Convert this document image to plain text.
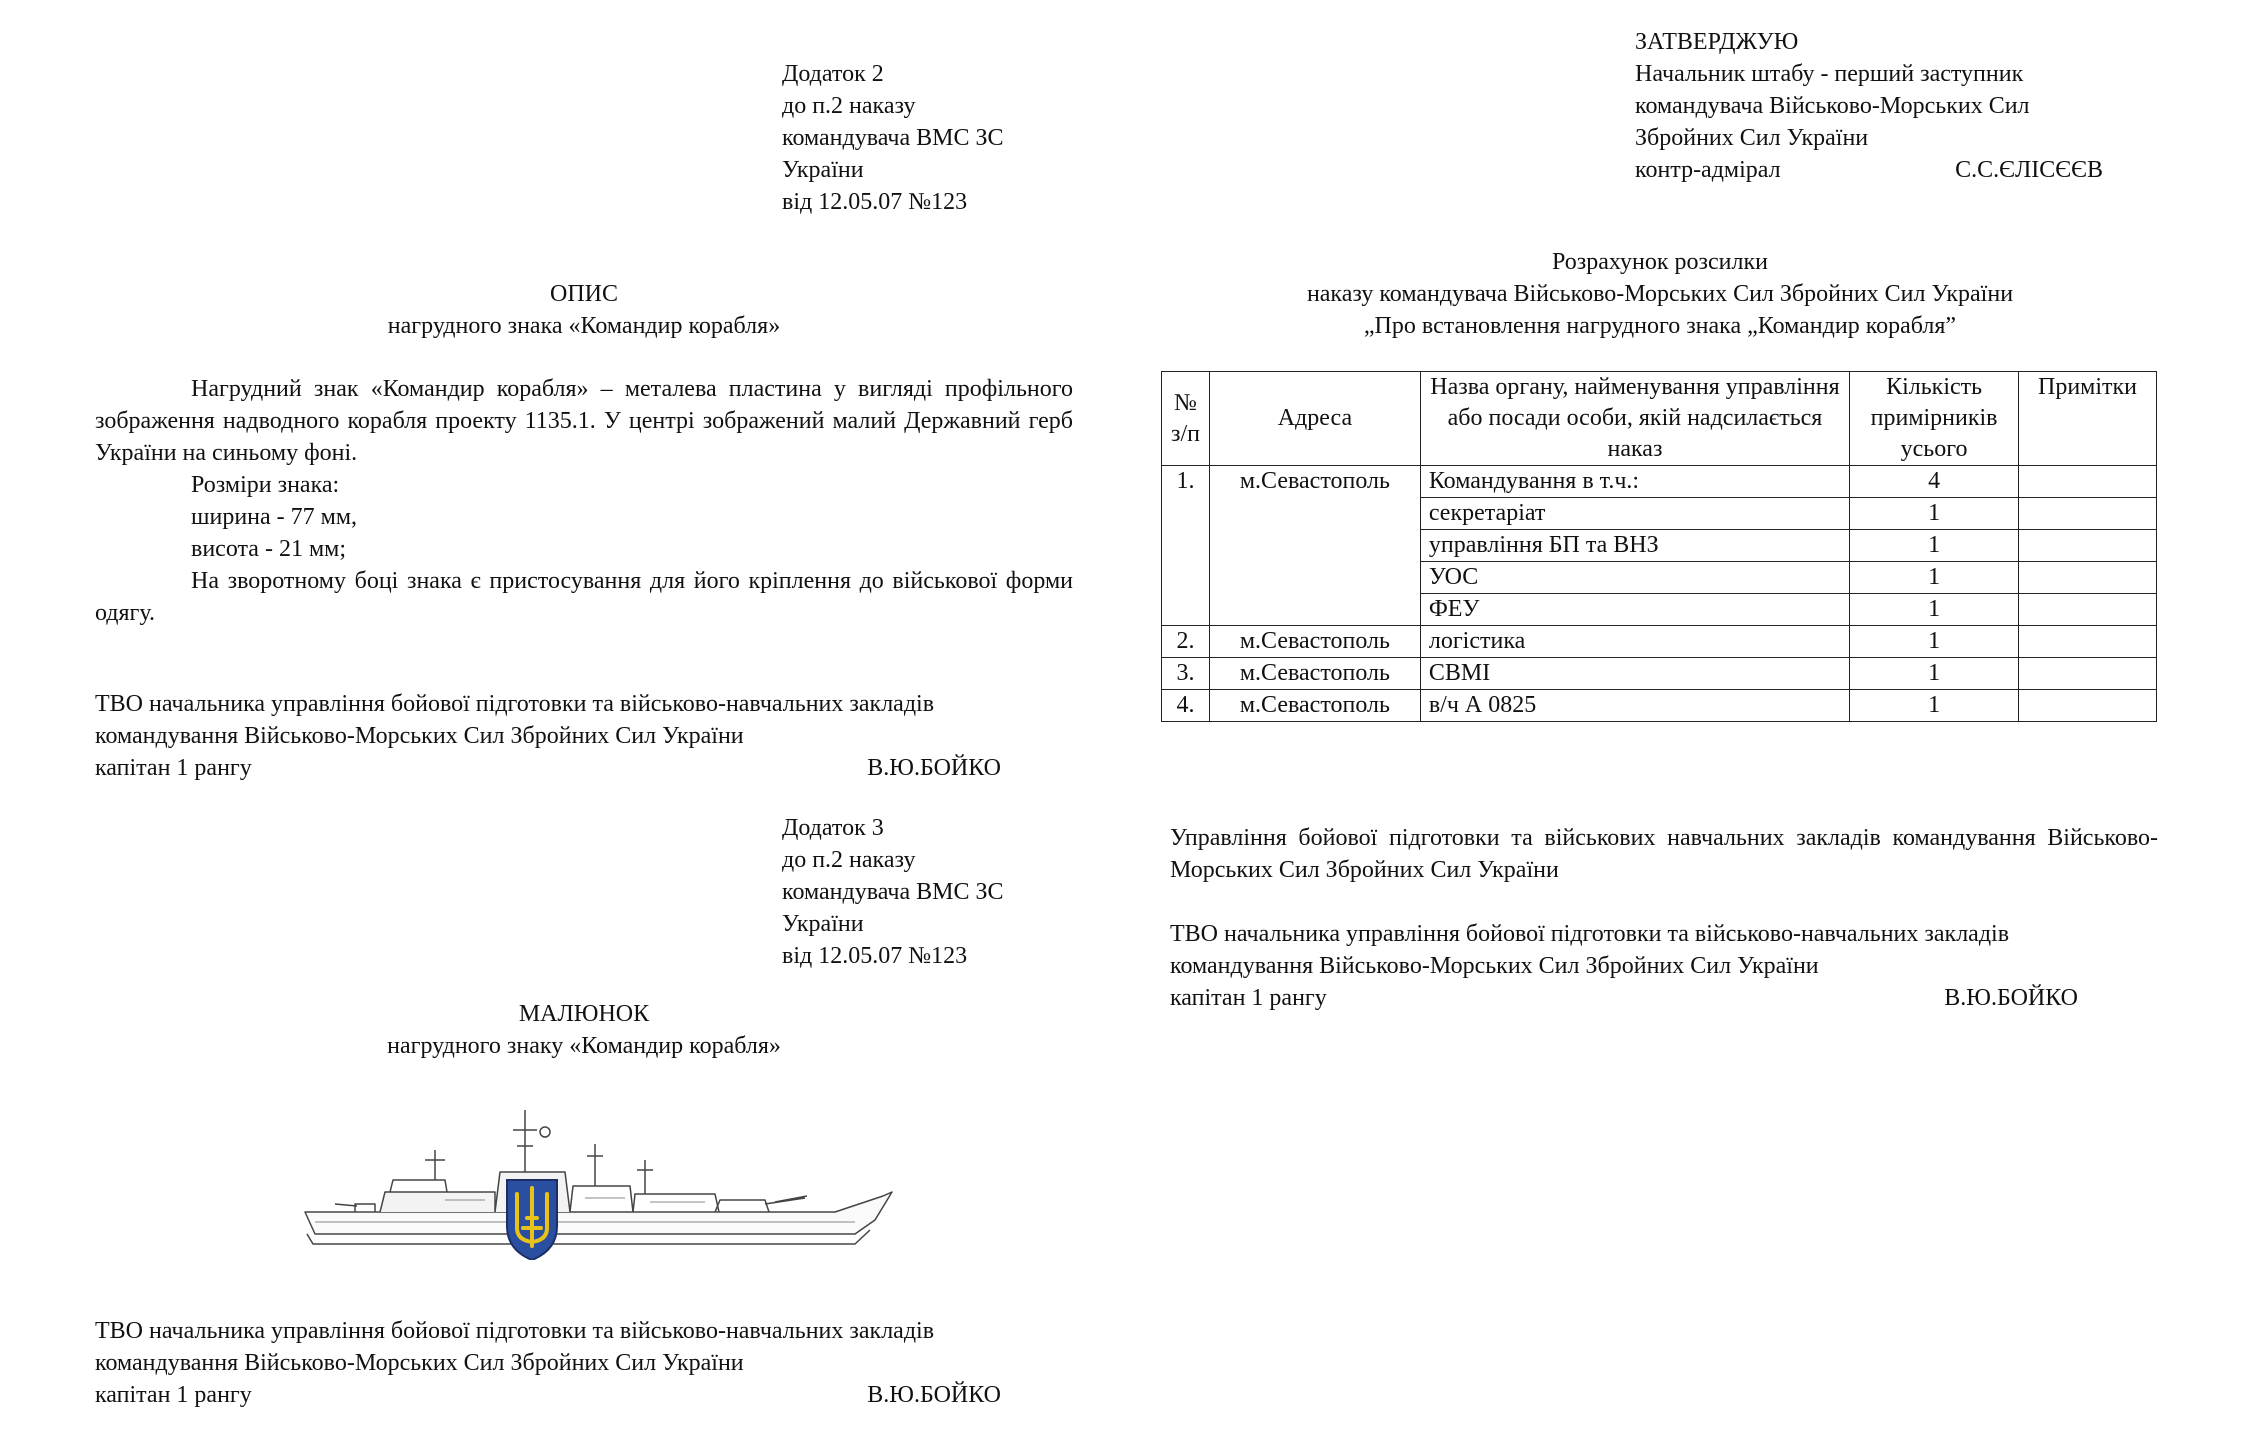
Додаток 2
до п.2 наказу
командувача ВМС ЗС
України
від 12.05.07 №123
ОПИС
нагрудного знака «Командир корабля»
Нагрудний знак «Командир корабля» – металева пластина у вигляді профільного зображення надводного корабля проекту 1135.1. У центрі зображений малий Державний герб України на синьому фоні.
Розміри знака:
ширина - 77 мм,
висота - 21 мм;
На зворотному боці знака є пристосування для його кріплення до військової форми одягу.
ТВО начальника управління бойової підготовки та військово-навчальних закладів
командування Військово-Морських Сил Збройних Сил України
капітан 1 рангу	В.Ю.БОЙКО
Додаток 3
до п.2 наказу
командувача ВМС ЗС
України
від 12.05.07 №123
МАЛЮНОК
нагрудного знаку «Командир корабля»
ТВО начальника управління бойової підготовки та військово-навчальних закладів
командування Військово-Морських Сил Збройних Сил України
капітан 1 рангу	В.Ю.БОЙКО
ЗАТВЕРДЖУЮ
Начальник штабу - перший заступник
командувача Військово-Морських Сил
Збройних Сил України
контр-адмірал	С.С.ЄЛІСЄЄВ
Розрахунок розсилки
наказу командувача Військово-Морських Сил Збройних Сил України
„Про встановлення нагрудного знака „Командир корабля”
№ з/п	Адреса	Назва органу, найменування управління або посади особи, якій надсилається наказ	Кількість примірників усього	Примітки
1.	м.Севастополь	Командування в т.ч.:	4	
		секретаріат	1	
		управління БП та ВНЗ	1	
		УОС	1	
		ФЕУ	1	
2.	м.Севастополь	логістика	1	
3.	м.Севастополь	СВМІ	1	
4.	м.Севастополь	в/ч А 0825	1	
Управління бойової підготовки та військових навчальних закладів командування Військово-Морських Сил Збройних Сил України
ТВО начальника управління бойової підготовки та військово-навчальних закладів
командування Військово-Морських Сил Збройних Сил України
капітан 1 рангу	В.Ю.БОЙКО
